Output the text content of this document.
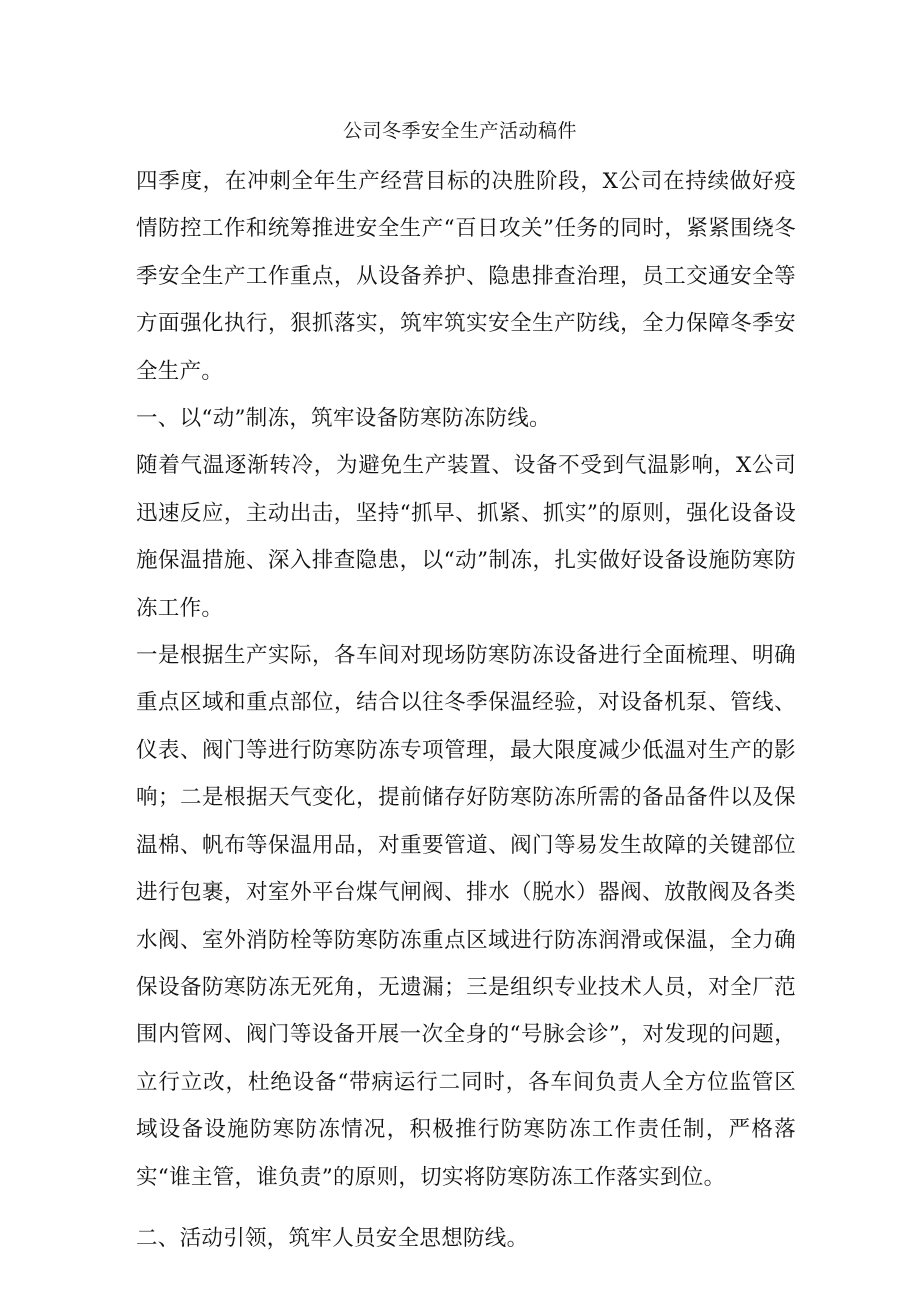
公司冬季安全生产活动稿件

四季度，在冲刺全年生产经营目标的决胜阶段，X公司在持续做好疫情防控工作和统筹推进安全生产“百日攻关”任务的同时，紧紧围绕冬季安全生产工作重点，从设备养护、隐患排查治理，员工交通安全等方面强化执行，狠抓落实，筑牢筑实安全生产防线，全力保障冬季安全生产。

一、以“动”制冻，筑牢设备防寒防冻防线。

随着气温逐渐转冷，为避免生产装置、设备不受到气温影响，X公司迅速反应，主动出击，坚持“抓早、抓紧、抓实”的原则，强化设备设施保温措施、深入排查隐患，以“动”制冻，扎实做好设备设施防寒防冻工作。

一是根据生产实际，各车间对现场防寒防冻设备进行全面梳理、明确重点区域和重点部位，结合以往冬季保温经验，对设备机泵、管线、仪表、阀门等进行防寒防冻专项管理，最大限度减少低温对生产的影响；二是根据天气变化，提前储存好防寒防冻所需的备品备件以及保温棉、帆布等保温用品，对重要管道、阀门等易发生故障的关键部位进行包裹，对室外平台煤气闸阀、排水（脱水）器阀、放散阀及各类水阀、室外消防栓等防寒防冻重点区域进行防冻润滑或保温，全力确保设备防寒防冻无死角，无遗漏；三是组织专业技术人员，对全厂范围内管网、阀门等设备开展一次全身的“号脉会诊”，对发现的问题，立行立改，杜绝设备“带病运行二同时，各车间负责人全方位监管区域设备设施防寒防冻情况，积极推行防寒防冻工作责任制，严格落实“谁主管，谁负责”的原则，切实将防寒防冻工作落实到位。

二、活动引领，筑牢人员安全思想防线。
